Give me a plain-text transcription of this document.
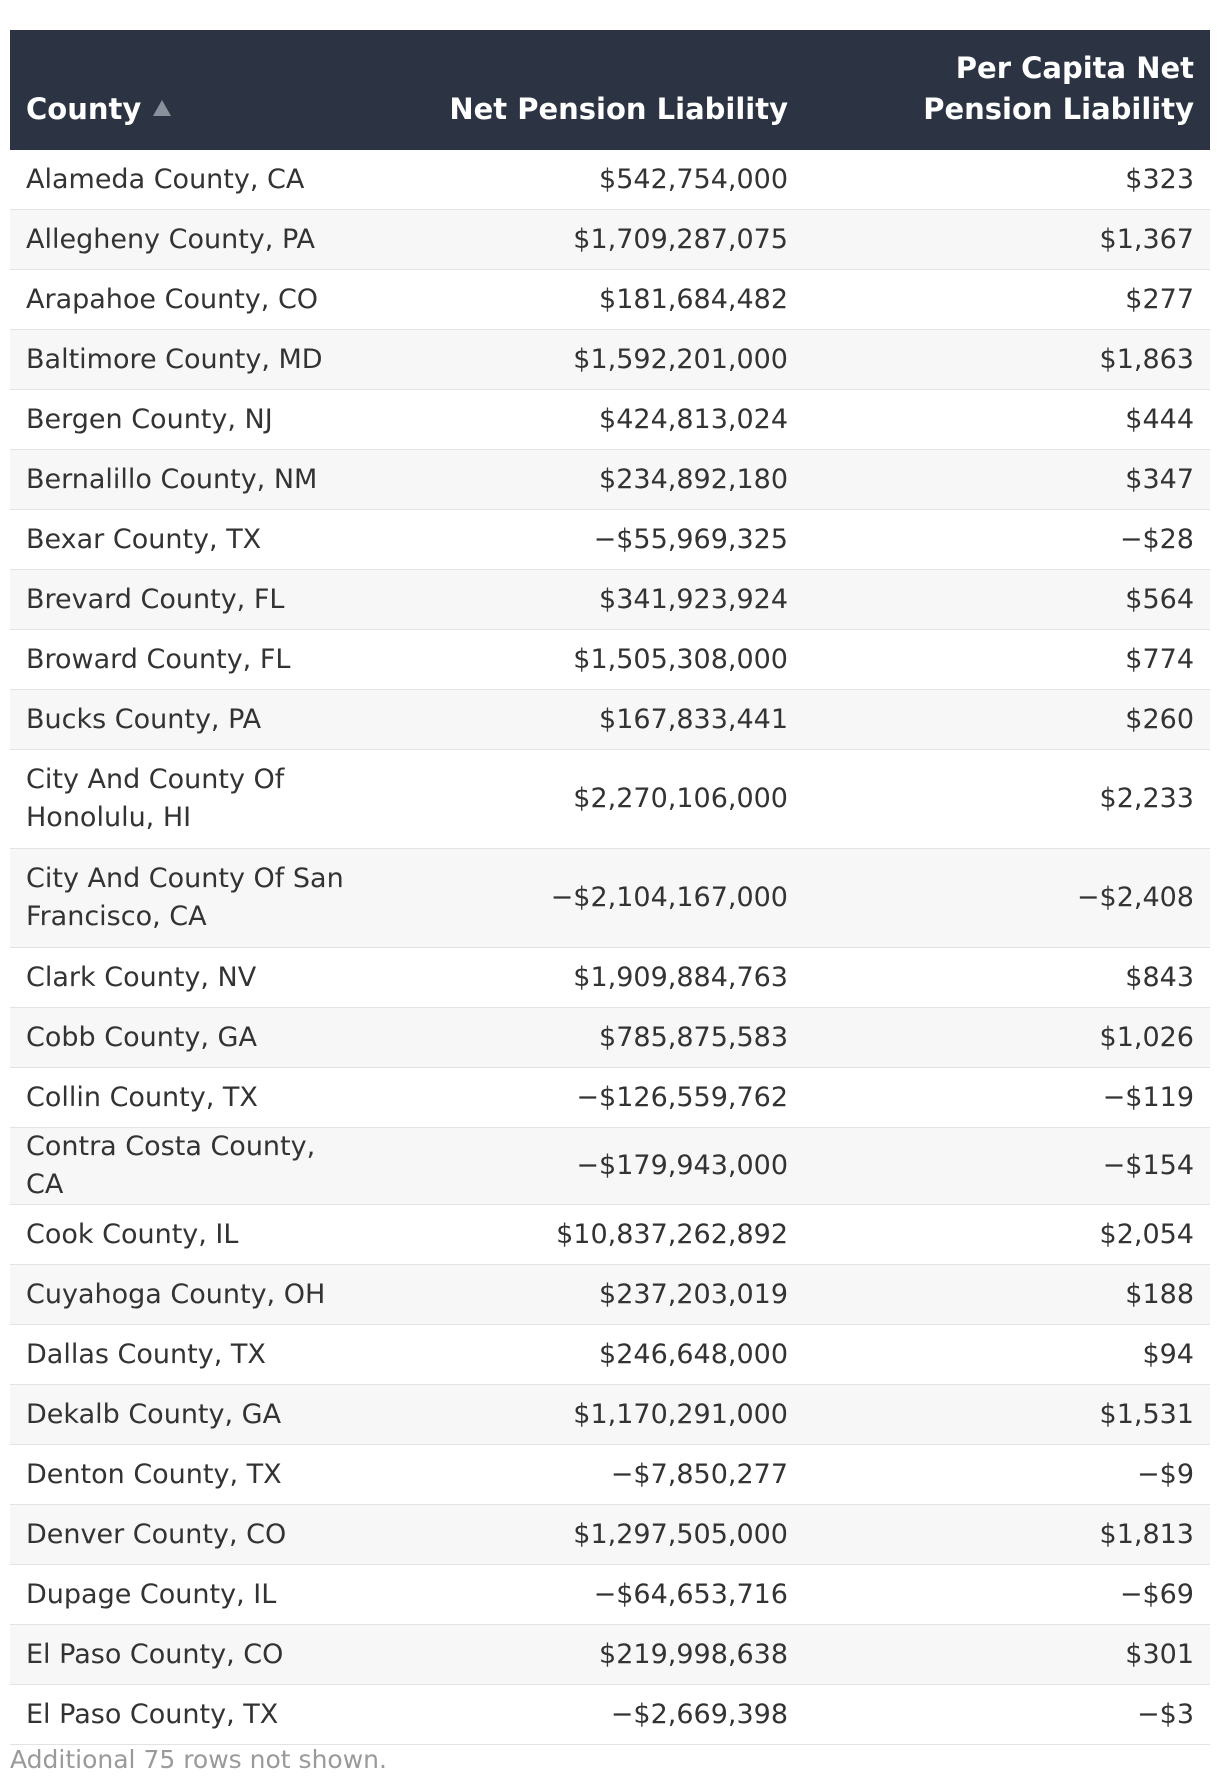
County	Net Pension Liability	Per Capita Net
Pension Liability
Alameda County, CA	$542,754,000	$323
Allegheny County, PA	$1,709,287,075	$1,367
Arapahoe County, CO	$181,684,482	$277
Baltimore County, MD	$1,592,201,000	$1,863
Bergen County, NJ	$424,813,024	$444
Bernalillo County, NM	$234,892,180	$347
Bexar County, TX	−$55,969,325	−$28
Brevard County, FL	$341,923,924	$564
Broward County, FL	$1,505,308,000	$774
Bucks County, PA	$167,833,441	$260
City And County Of Honolulu, HI	$2,270,106,000	$2,233
City And County Of San Francisco, CA	−$2,104,167,000	−$2,408
Clark County, NV	$1,909,884,763	$843
Cobb County, GA	$785,875,583	$1,026
Collin County, TX	−$126,559,762	−$119
Contra Costa County, CA	−$179,943,000	−$154
Cook County, IL	$10,837,262,892	$2,054
Cuyahoga County, OH	$237,203,019	$188
Dallas County, TX	$246,648,000	$94
Dekalb County, GA	$1,170,291,000	$1,531
Denton County, TX	−$7,850,277	−$9
Denver County, CO	$1,297,505,000	$1,813
Dupage County, IL	−$64,653,716	−$69
El Paso County, CO	$219,998,638	$301
El Paso County, TX	−$2,669,398	−$3
Additional 75 rows not shown.
